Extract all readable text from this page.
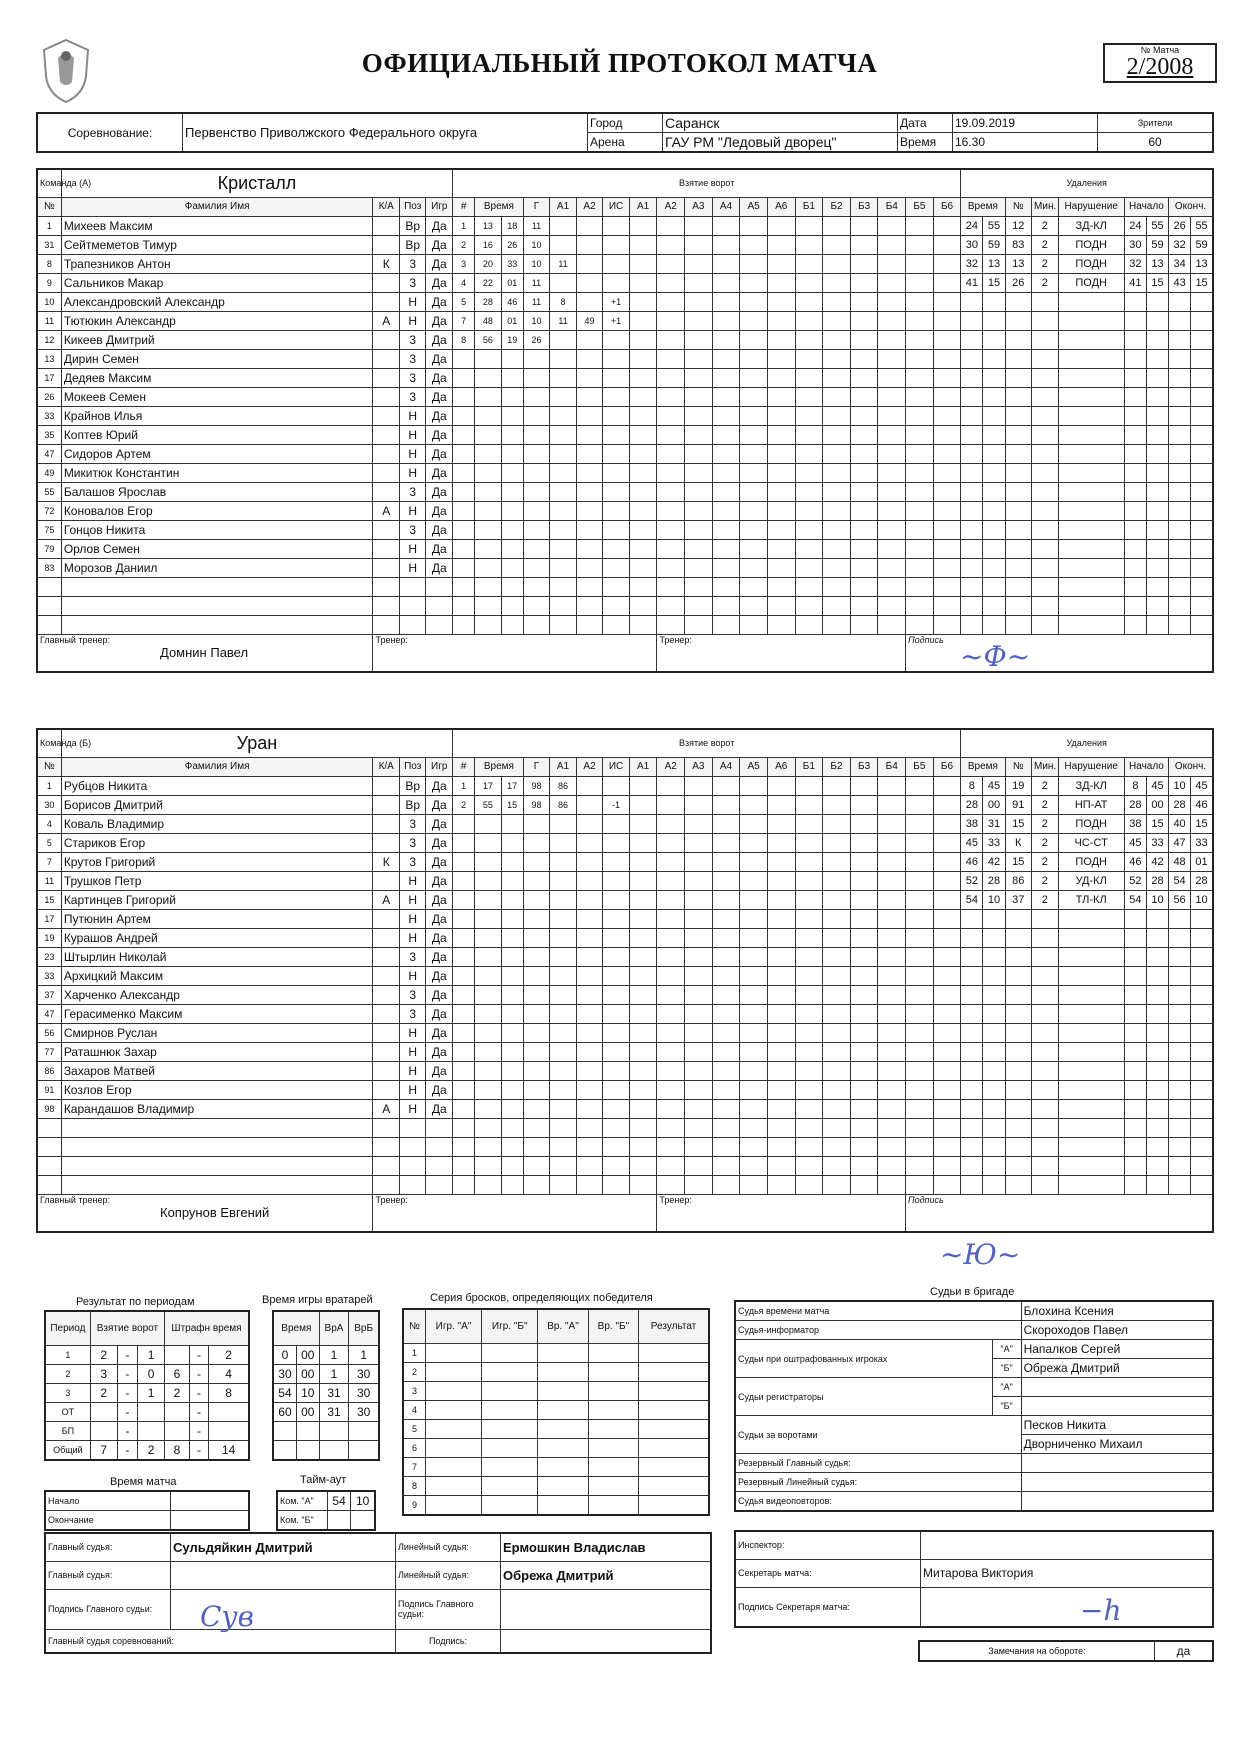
ОФИЦИАЛЬНЫЙ ПРОТОКОЛ МАТЧА	№ Матча
2/2008
Соревнование:	Первенство Приволжского Федерального округа	Город	Саранск	Дата	19.09.2019	Зрители
		Арена	ГАУ РМ "Ледовый дворец"	Время	16.30	60
Команда (А)	Кристалл				Взятие ворот																			Удаления								
№	Фамилия Имя	К/А	Поз	Игр	#	Время		Г	А1	А2	ИС	А1	А2	А3	А4	А5	А6	Б1	Б2	Б3	Б4	Б5	Б6	Время		№	Мин.	Нарушение	Начало		Оконч.	
1	Михеев Максим		Вр	Да	1	13	18	11																24	55	12	2	ЗД-КЛ	24	55	26	55
31	Сейтмеметов Тимур		Вр	Да	2	16	26	10																30	59	83	2	ПОДН	30	59	32	59
8	Трапезников Антон	К	3	Да	3	20	33	10	11															32	13	13	2	ПОДН	32	13	34	13
9	Сальников Макар		3	Да	4	22	01	11																41	15	26	2	ПОДН	41	15	43	15
10	Александровский Александр		Н	Да	5	28	46	11	8		+1																					
11	Тютюкин Александр	А	Н	Да	7	48	01	10	11	49	+1																					
12	Кикеев Дмитрий		3	Да	8	56	19	26																								
13	Дирин Семен		3	Да																												
17	Дедяев Максим		3	Да																												
26	Мокеев Семен		3	Да																												
33	Крайнов Илья		Н	Да																												
35	Коптев Юрий		Н	Да																												
47	Сидоров Артем		Н	Да																												
49	Микитюк Константин		Н	Да																												
55	Балашов Ярослав		3	Да																												
72	Коновалов Егор	А	Н	Да																												
75	Гонцов Никита		3	Да																												
79	Орлов Семен		Н	Да																												
83	Морозов Даниил		Н	Да																												

Главный тренер:
Домнин Павел		Тренер:											Тренер:									Подпись										
Команда (Б)	Уран				Взятие ворот																			Удаления								
№	Фамилия Имя	К/А	Поз	Игр	#	Время		Г	А1	А2	ИС	А1	А2	А3	А4	А5	А6	Б1	Б2	Б3	Б4	Б5	Б6	Время		№	Мин.	Нарушение	Начало		Оконч.	
1	Рубцов Никита		Вр	Да	1	17	17	98	86															8	45	19	2	ЗД-КЛ	8	45	10	45
30	Борисов Дмитрий		Вр	Да	2	55	15	98	86		-1													28	00	91	2	НП-АТ	28	00	28	46
4	Коваль Владимир		3	Да																				38	31	15	2	ПОДН	38	15	40	15
5	Стариков Егор		3	Да																				45	33	К	2	ЧС-СТ	45	33	47	33
7	Крутов Григорий	К	3	Да																				46	42	15	2	ПОДН	46	42	48	01
11	Трушков Петр		Н	Да																				52	28	86	2	УД-КЛ	52	28	54	28
15	Картинцев Григорий	А	Н	Да																				54	10	37	2	ТЛ-КЛ	54	10	56	10
17	Путюнин Артем		Н	Да																												
19	Курашов Андрей		Н	Да																												
23	Штырлин Николай		3	Да																												
33	Архицкий Максим		Н	Да																												
37	Харченко Александр		3	Да																												
47	Герасименко Максим		3	Да																												
56	Смирнов Руслан		Н	Да																												
77	Раташнюк Захар		Н	Да																												
86	Захаров Матвей		Н	Да																												
91	Козлов Егор		Н	Да																												
98	Карандашов Владимир	А	Н	Да																												

Главный тренер:
Копрунов Евгений		Тренер:											Тренер:									Подпись										
~Ф~
~Ю~
Результат по периодам
Период	Взятие ворот			Штрафн время		
1	2	-	1		-	2
2	3	-	0	6	-	4
3	2	-	1	2	-	8
ОТ		-			-	
БП		-			-	
Общий	7	-	2	8	-	14
Время игры вратарей
Время		ВрА	ВрБ
0	00	1	1
30	00	1	30
54	10	31	30
60	00	31	30

Время матча
Начало	
Окончание	
Тайм-аут
Ком. "А"	54	10
Ком. "Б"		
Серия бросков, определяющих победителя
№	Игр. "А"	Игр. "Б"	Вр. "А"	Вр. "Б"	Результат
1					
2					
3					
4					
5					
6					
7					
8					
9					
Судьи в бригаде
Судья времени матча		Блохина Ксения
Судья-информатор		Скороходов Павел
Судьи при оштрафованных игроках	"А"	Напалков Сергей
	"Б"	Обрежа Дмитрий
Судьи регистраторы	"А"	
	"Б"	
Судьи за воротами		Песков Никита
		Дворниченко Михаил
Резервный Главный судья:		
Резервный Линейный судья:		
Судья видеоповторов:		
Главный судья:	Сульдяйкин Дмитрий	Линейный судья:	Ермошкин Владислав
Главный судья:		Линейный судья:	Обрежа Дмитрий
Подпись Главного судьи:		Подпись Главного судьи:	
Главный судья соревнований:		Подпись:	
Сув
Инспектор:	
Секретарь матча:	Митарова Виктория
Подпись Секретаря матча:		−h
Замечания на обороте:	да
